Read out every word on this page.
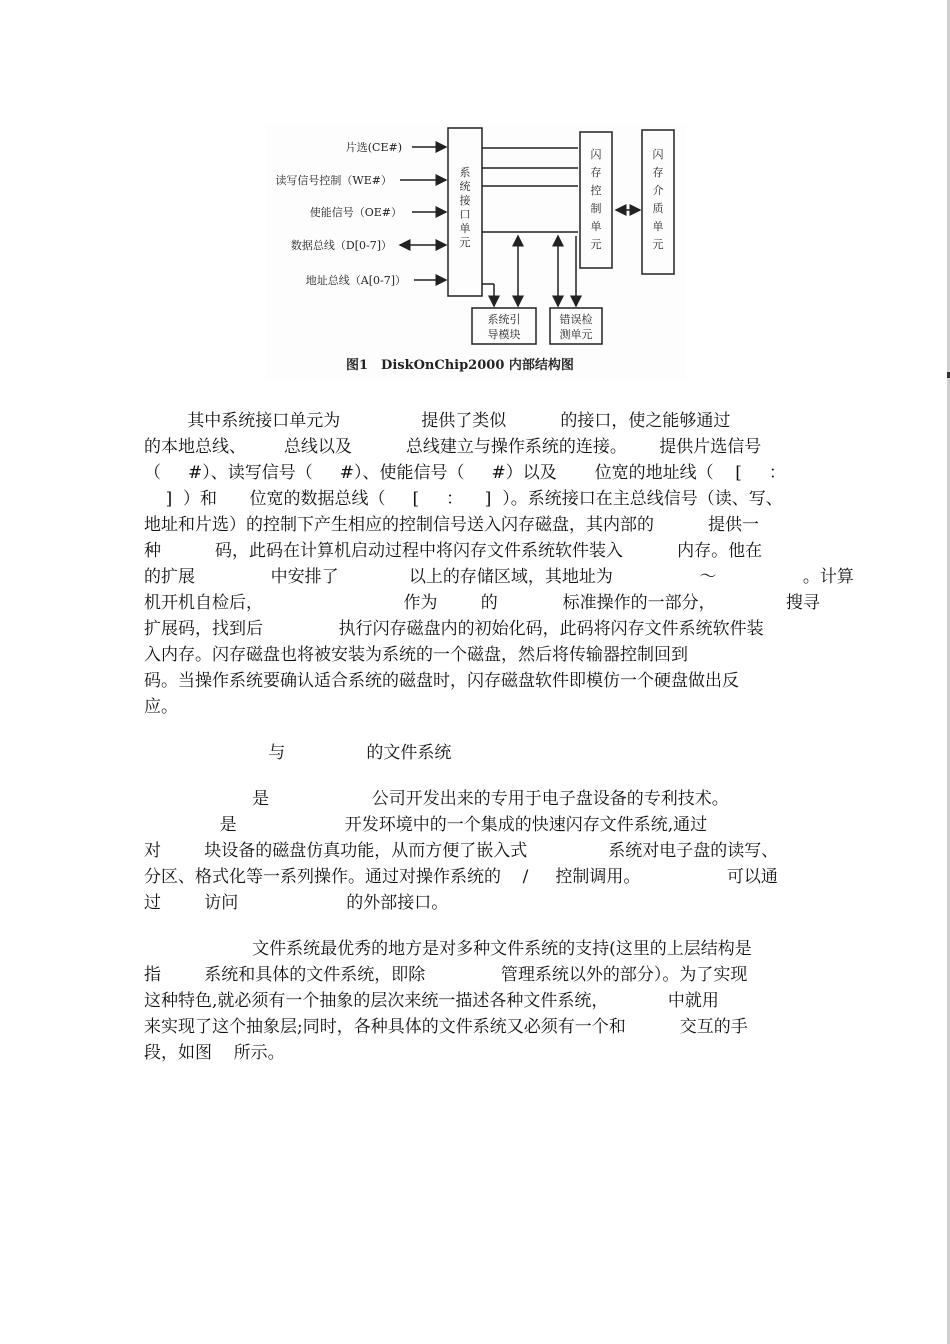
片选(CE#)
读写信号控制（WE#）
使能信号（OE#）
数据总线（D[0-7]）
地址总线（A[0-7]）
系
统
接
口
单
元
闪
存
控
制
单
元
闪
存
介
质
单
元
系统引
导模块
错误检
测单元
图1　DiskOnChip2000 内部结构图
其中系统接口单元为               提供了类似          的接口，使之能够通过
的本地总线、       总线以及          总线建立与操作系统的连接。      提供片选信号
（     #）、读写信号（     #）、使能信号（     #）以及       位宽的地址线（    [     ：
]  ）和      位宽的数据总线（     [     ：    ]  ）。系统接口在主总线信号（读、写、
地址和片选）的控制下产生相应的控制信号送入闪存磁盘，其内部的          提供一
种          码，此码在计算机启动过程中将闪存文件系统软件装入          内存。他在
的扩展              中安排了             以上的存储区域，其地址为                ～                。计算
机开机自检后，                          作为        的            标准操作的一部分，             搜寻
扩展码，找到后              执行闪存磁盘内的初始化码，此码将闪存文件系统软件装
入内存。闪存磁盘也将被安装为系统的一个磁盘，然后将传输器控制回到
码。当操作系统要确认适合系统的磁盘时，闪存磁盘软件即模仿一个硬盘做出反
应。
与               的文件系统
是                   公司开发出来的专用于电子盘设备的专利技术。
是                    开发环境中的一个集成的快速闪存文件系统,通过
对        块设备的磁盘仿真功能，从而方便了嵌入式               系统对电子盘的读写、
分区、格式化等一系列操作。通过对操作系统的    /     控制调用。                可以通
过        访问                    的外部接口。
文件系统最优秀的地方是对多种文件系统的支持(这里的上层结构是
指        系统和具体的文件系统，即除              管理系统以外的部分）。为了实现
这种特色,就必须有一个抽象的层次来统一描述各种文件系统，           中就用
来实现了这个抽象层;同时，各种具体的文件系统又必须有一个和          交互的手
段，如图    所示。
